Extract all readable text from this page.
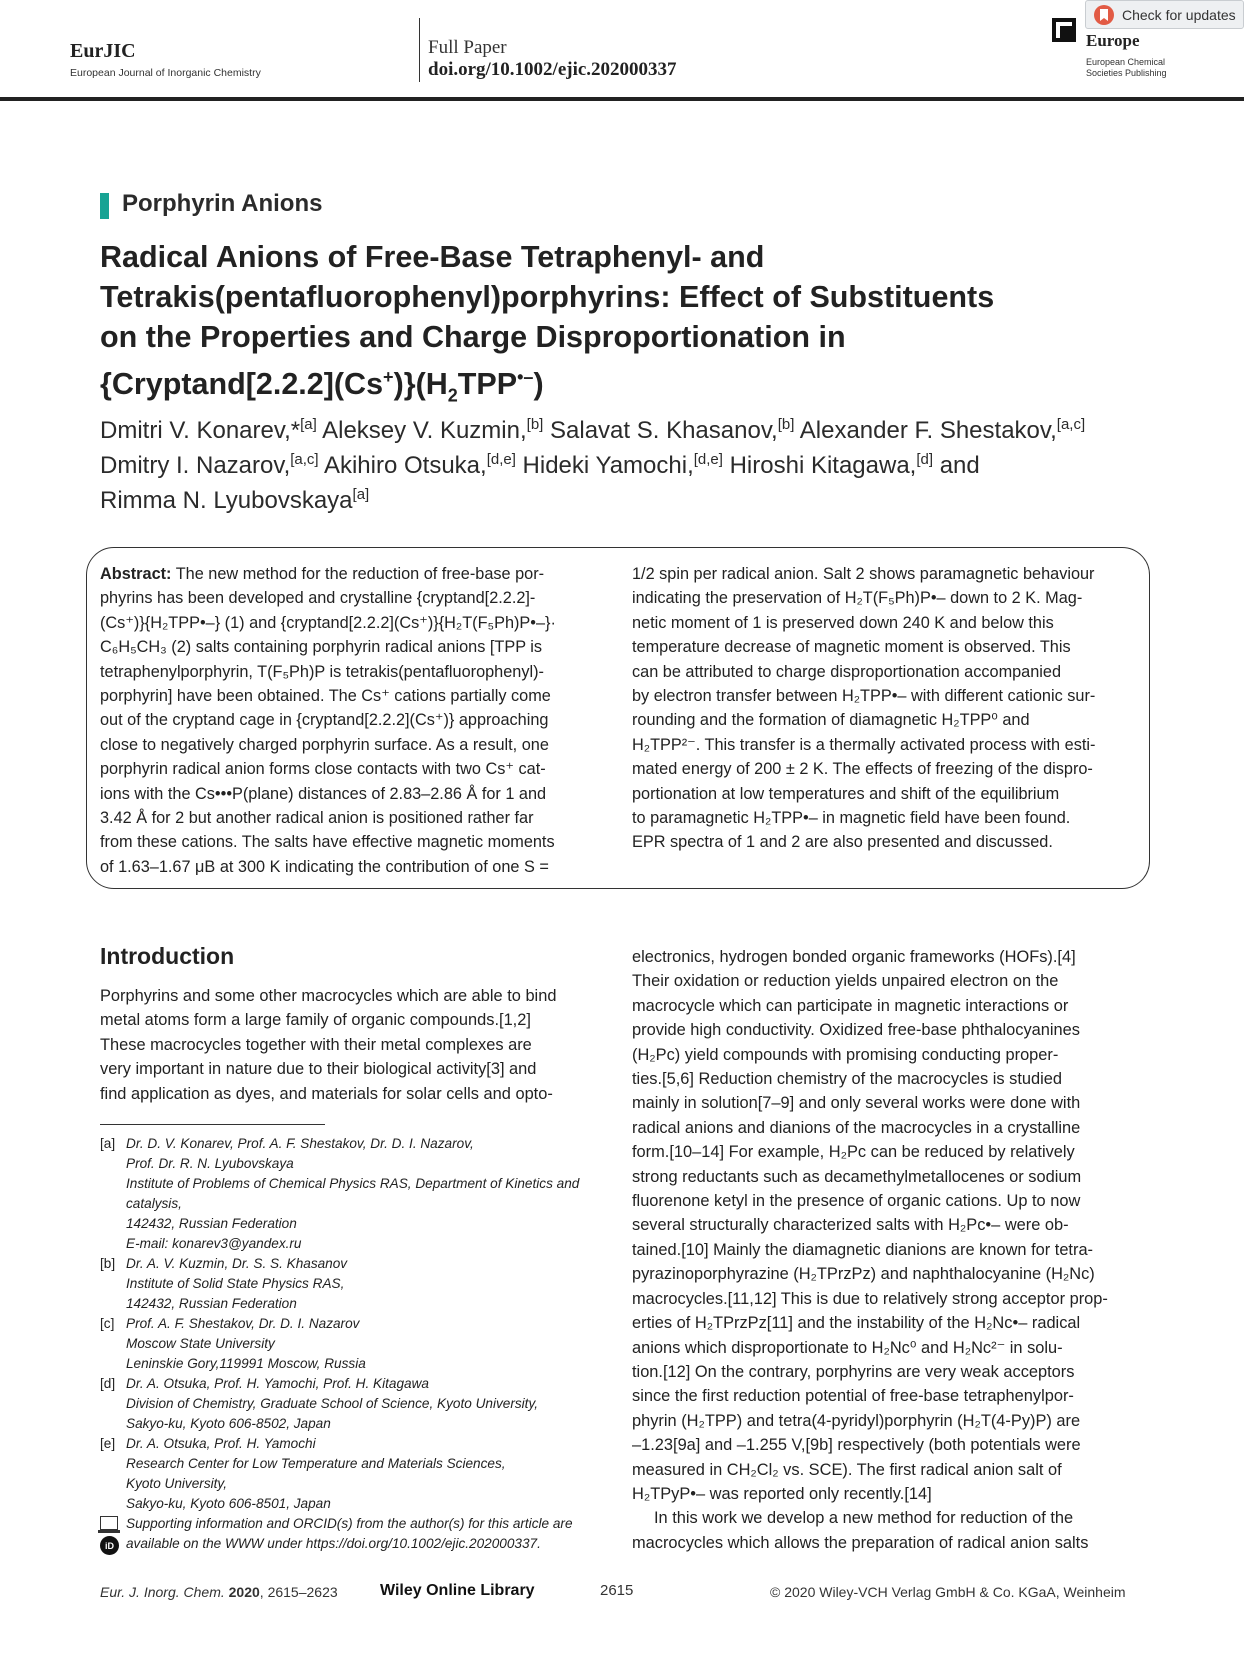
EurJIC
European Journal of Inorganic Chemistry
Full Paper
doi.org/10.1002/ejic.202000337
Europe
European Chemical
Societies Publishing
Check for updates
Porphyrin Anions
Radical Anions of Free-Base Tetraphenyl- and
Tetrakis(pentafluorophenyl)porphyrins: Effect of Substituents
on the Properties and Charge Disproportionation in
$\{Cryptand[2.2.2](Cs^+)\}(H_2TPP^{•-})$
Dmitri V. Konarev,*[a] Aleksey V. Kuzmin,[b] Salavat S. Khasanov,[b] Alexander F. Shestakov,[a,c]
Dmitry I. Nazarov,[a,c] Akihiro Otsuka,[d,e] Hideki Yamochi,[d,e] Hiroshi Kitagawa,[d] and
Rimma N. Lyubovskaya[a]
Abstract: The new method for the reduction of free-base por-
phyrins has been developed and crystalline {cryptand[2.2.2]-
(Cs⁺)}{H₂TPP•–} (1) and {cryptand[2.2.2](Cs⁺)}{H₂T(F₅Ph)P•–}·
C₆H₅CH₃ (2) salts containing porphyrin radical anions [TPP is
tetraphenylporphyrin, T(F₅Ph)P is tetrakis(pentafluorophenyl)-
porphyrin] have been obtained. The Cs⁺ cations partially come
out of the cryptand cage in {cryptand[2.2.2](Cs⁺)} approaching
close to negatively charged porphyrin surface. As a result, one
porphyrin radical anion forms close contacts with two Cs⁺ cat-
ions with the Cs•••P(plane) distances of 2.83–2.86 Å for 1 and
3.42 Å for 2 but another radical anion is positioned rather far
from these cations. The salts have effective magnetic moments
of 1.63–1.67 μB at 300 K indicating the contribution of one S =
1/2 spin per radical anion. Salt 2 shows paramagnetic behaviour
indicating the preservation of H₂T(F₅Ph)P•– down to 2 K. Mag-
netic moment of 1 is preserved down 240 K and below this
temperature decrease of magnetic moment is observed. This
can be attributed to charge disproportionation accompanied
by electron transfer between H₂TPP•– with different cationic sur-
rounding and the formation of diamagnetic H₂TPP⁰ and
H₂TPP²⁻. This transfer is a thermally activated process with esti-
mated energy of 200 ± 2 K. The effects of freezing of the dispro-
portionation at low temperatures and shift of the equilibrium
to paramagnetic H₂TPP•– in magnetic field have been found.
EPR spectra of 1 and 2 are also presented and discussed.
Introduction
Porphyrins and some other macrocycles which are able to bind
metal atoms form a large family of organic compounds.[1,2]
These macrocycles together with their metal complexes are
very important in nature due to their biological activity[3] and
find application as dyes, and materials for solar cells and opto-
electronics, hydrogen bonded organic frameworks (HOFs).[4]
Their oxidation or reduction yields unpaired electron on the
macrocycle which can participate in magnetic interactions or
provide high conductivity. Oxidized free-base phthalocyanines
(H₂Pc) yield compounds with promising conducting proper-
ties.[5,6] Reduction chemistry of the macrocycles is studied
mainly in solution[7–9] and only several works were done with
radical anions and dianions of the macrocycles in a crystalline
form.[10–14] For example, H₂Pc can be reduced by relatively
strong reductants such as decamethylmetallocenes or sodium
fluorenone ketyl in the presence of organic cations. Up to now
several structurally characterized salts with H₂Pc•– were ob-
tained.[10] Mainly the diamagnetic dianions are known for tetra-
pyrazinoporphyrazine (H₂TPrzPz) and naphthalocyanine (H₂Nc)
macrocycles.[11,12] This is due to relatively strong acceptor prop-
erties of H₂TPrzPz[11] and the instability of the H₂Nc•– radical
anions which disproportionate to H₂Nc⁰ and H₂Nc²⁻ in solu-
tion.[12] On the contrary, porphyrins are very weak acceptors
since the first reduction potential of free-base tetraphenylpor-
phyrin (H₂TPP) and tetra(4-pyridyl)porphyrin (H₂T(4-Py)P) are
–1.23[9a] and –1.255 V,[9b] respectively (both potentials were
measured in CH₂Cl₂ vs. SCE). The first radical anion salt of
H₂TPyP•– was reported only recently.[14]
In this work we develop a new method for reduction of the
macrocycles which allows the preparation of radical anion salts
[a] Dr. D. V. Konarev, Prof. A. F. Shestakov, Dr. D. I. Nazarov,
Prof. Dr. R. N. Lyubovskaya
Institute of Problems of Chemical Physics RAS, Department of Kinetics and
catalysis,
142432, Russian Federation
E-mail: konarev3@yandex.ru
[b] Dr. A. V. Kuzmin, Dr. S. S. Khasanov
Institute of Solid State Physics RAS,
142432, Russian Federation
[c] Prof. A. F. Shestakov, Dr. D. I. Nazarov
Moscow State University
Leninskie Gory,119991 Moscow, Russia
[d] Dr. A. Otsuka, Prof. H. Yamochi, Prof. H. Kitagawa
Division of Chemistry, Graduate School of Science, Kyoto University,
Sakyo-ku, Kyoto 606-8502, Japan
[e] Dr. A. Otsuka, Prof. H. Yamochi
Research Center for Low Temperature and Materials Sciences,
Kyoto University,
Sakyo-ku, Kyoto 606-8501, Japan
iD
Supporting information and ORCID(s) from the author(s) for this article are
available on the WWW under https://doi.org/10.1002/ejic.202000337.
Eur. J. Inorg. Chem. 2020, 2615–2623	Wiley Online Library	2615	© 2020 Wiley-VCH Verlag GmbH & Co. KGaA, Weinheim
